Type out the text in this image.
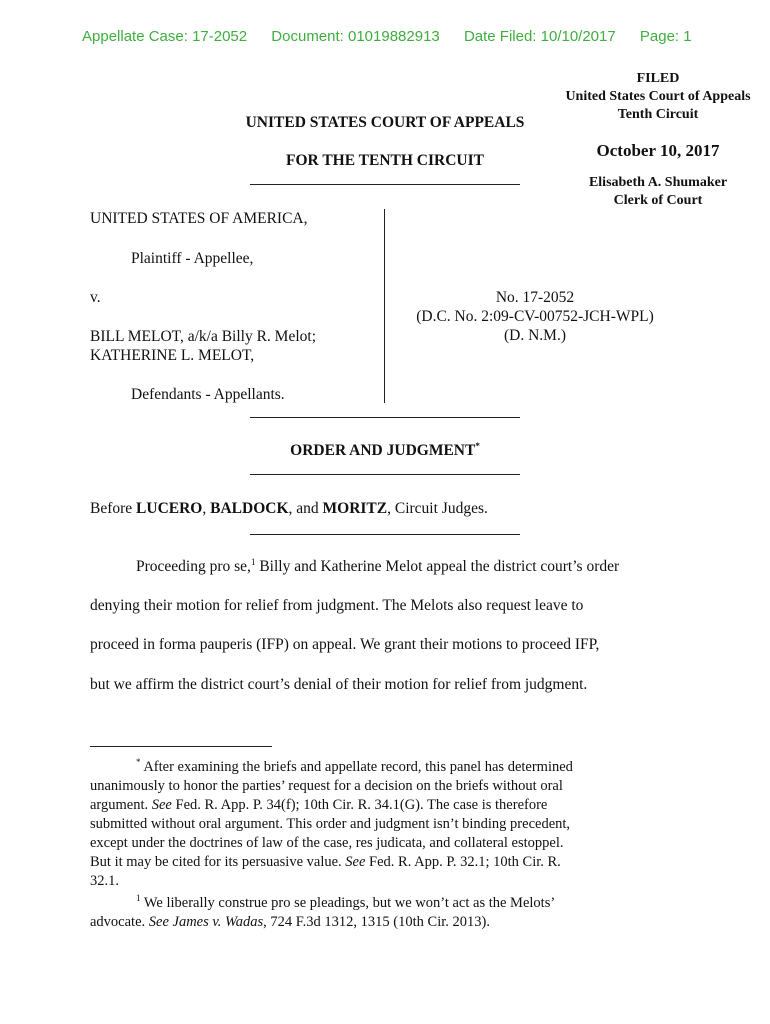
Appellate Case: 17-2052 Document: 01019882913 Date Filed: 10/10/2017 Page: 1
FILED
United States Court of Appeals
Tenth Circuit
October 10, 2017
Elisabeth A. Shumaker
Clerk of Court
UNITED STATES COURT OF APPEALS
FOR THE TENTH CIRCUIT
UNITED STATES OF AMERICA,
Plaintiff - Appellee,
v.
BILL MELOT, a/k/a Billy R. Melot;
KATHERINE L. MELOT,
Defendants - Appellants.
No. 17-2052
(D.C. No. 2:09-CV-00752-JCH-WPL)
(D. N.M.)
ORDER AND JUDGMENT*
Before LUCERO, BALDOCK, and MORITZ, Circuit Judges.
Proceeding pro se,$^1$ Billy and Katherine Melot appeal the district court’s order
denying their motion for relief from judgment. The Melots also request leave to
proceed in forma pauperis (IFP) on appeal. We grant their motions to proceed IFP,
but we affirm the district court’s denial of their motion for relief from judgment.
* After examining the briefs and appellate record, this panel has determined
unanimously to honor the parties’ request for a decision on the briefs without oral
argument. See Fed. R. App. P. 34(f); 10th Cir. R. 34.1(G). The case is therefore
submitted without oral argument. This order and judgment isn’t binding precedent,
except under the doctrines of law of the case, res judicata, and collateral estoppel.
But it may be cited for its persuasive value. See Fed. R. App. P. 32.1; 10th Cir. R.
32.1.
$^1$ We liberally construe pro se pleadings, but we won’t act as the Melots’
advocate. See James v. Wadas, 724 F.3d 1312, 1315 (10th Cir. 2013).
